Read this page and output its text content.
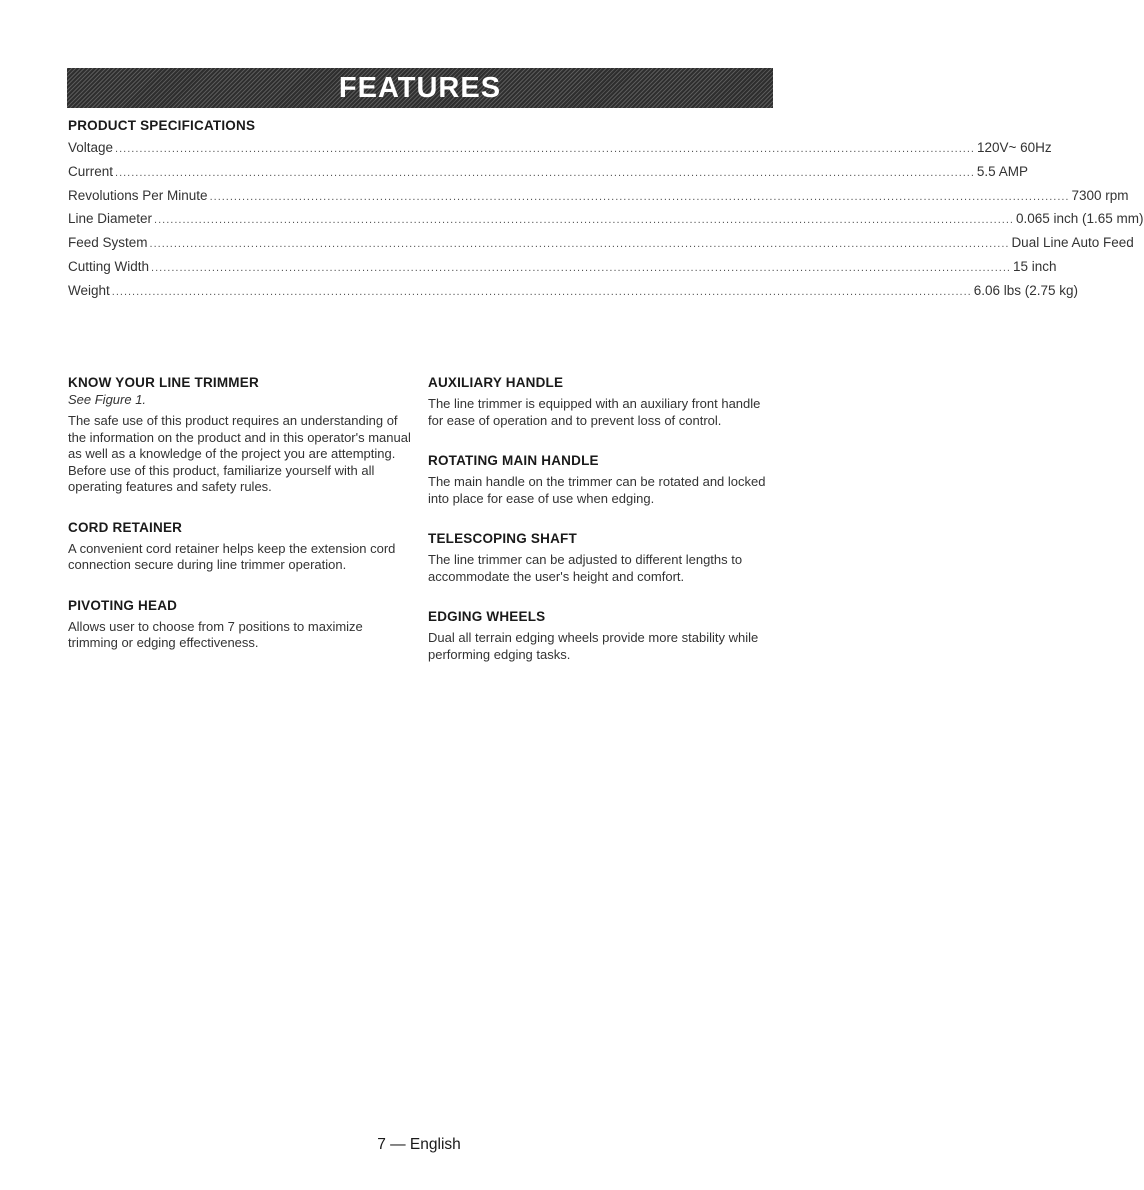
FEATURES
PRODUCT SPECIFICATIONS
Voltage .................................................................................................................................................................................................................... 120V~ 60Hz
Current .................................................................................................................................................................................................................... 5.5 AMP
Revolutions Per Minute .................................................................................................................................................................................................................... 7300 rpm
Line Diameter .................................................................................................................................................................................................................... 0.065 inch (1.65 mm)
Feed System .................................................................................................................................................................................................................... Dual Line Auto Feed
Cutting Width .................................................................................................................................................................................................................... 15 inch
Weight .................................................................................................................................................................................................................... 6.06 lbs (2.75 kg)
KNOW YOUR LINE TRIMMER

See Figure 1.

The safe use of this product requires an understanding of the information on the product and in this operator's manual as well as a knowledge of the project you are attempting. Before use of this product, familiarize yourself with all operating features and safety rules.

CORD RETAINER

A convenient cord retainer helps keep the extension cord connection secure during line trimmer operation.

PIVOTING HEAD

Allows user to choose from 7 positions to maximize trimming or edging effectiveness.

AUXILIARY HANDLE

The line trimmer is equipped with an auxiliary front handle for ease of operation and to prevent loss of control.

ROTATING MAIN HANDLE

The main handle on the trimmer can be rotated and locked into place for ease of use when edging.

TELESCOPING SHAFT

The line trimmer can be adjusted to different lengths to accommodate the user's height and comfort.

EDGING WHEELS

Dual all terrain edging wheels provide more stability while performing edging tasks.

7 — English
